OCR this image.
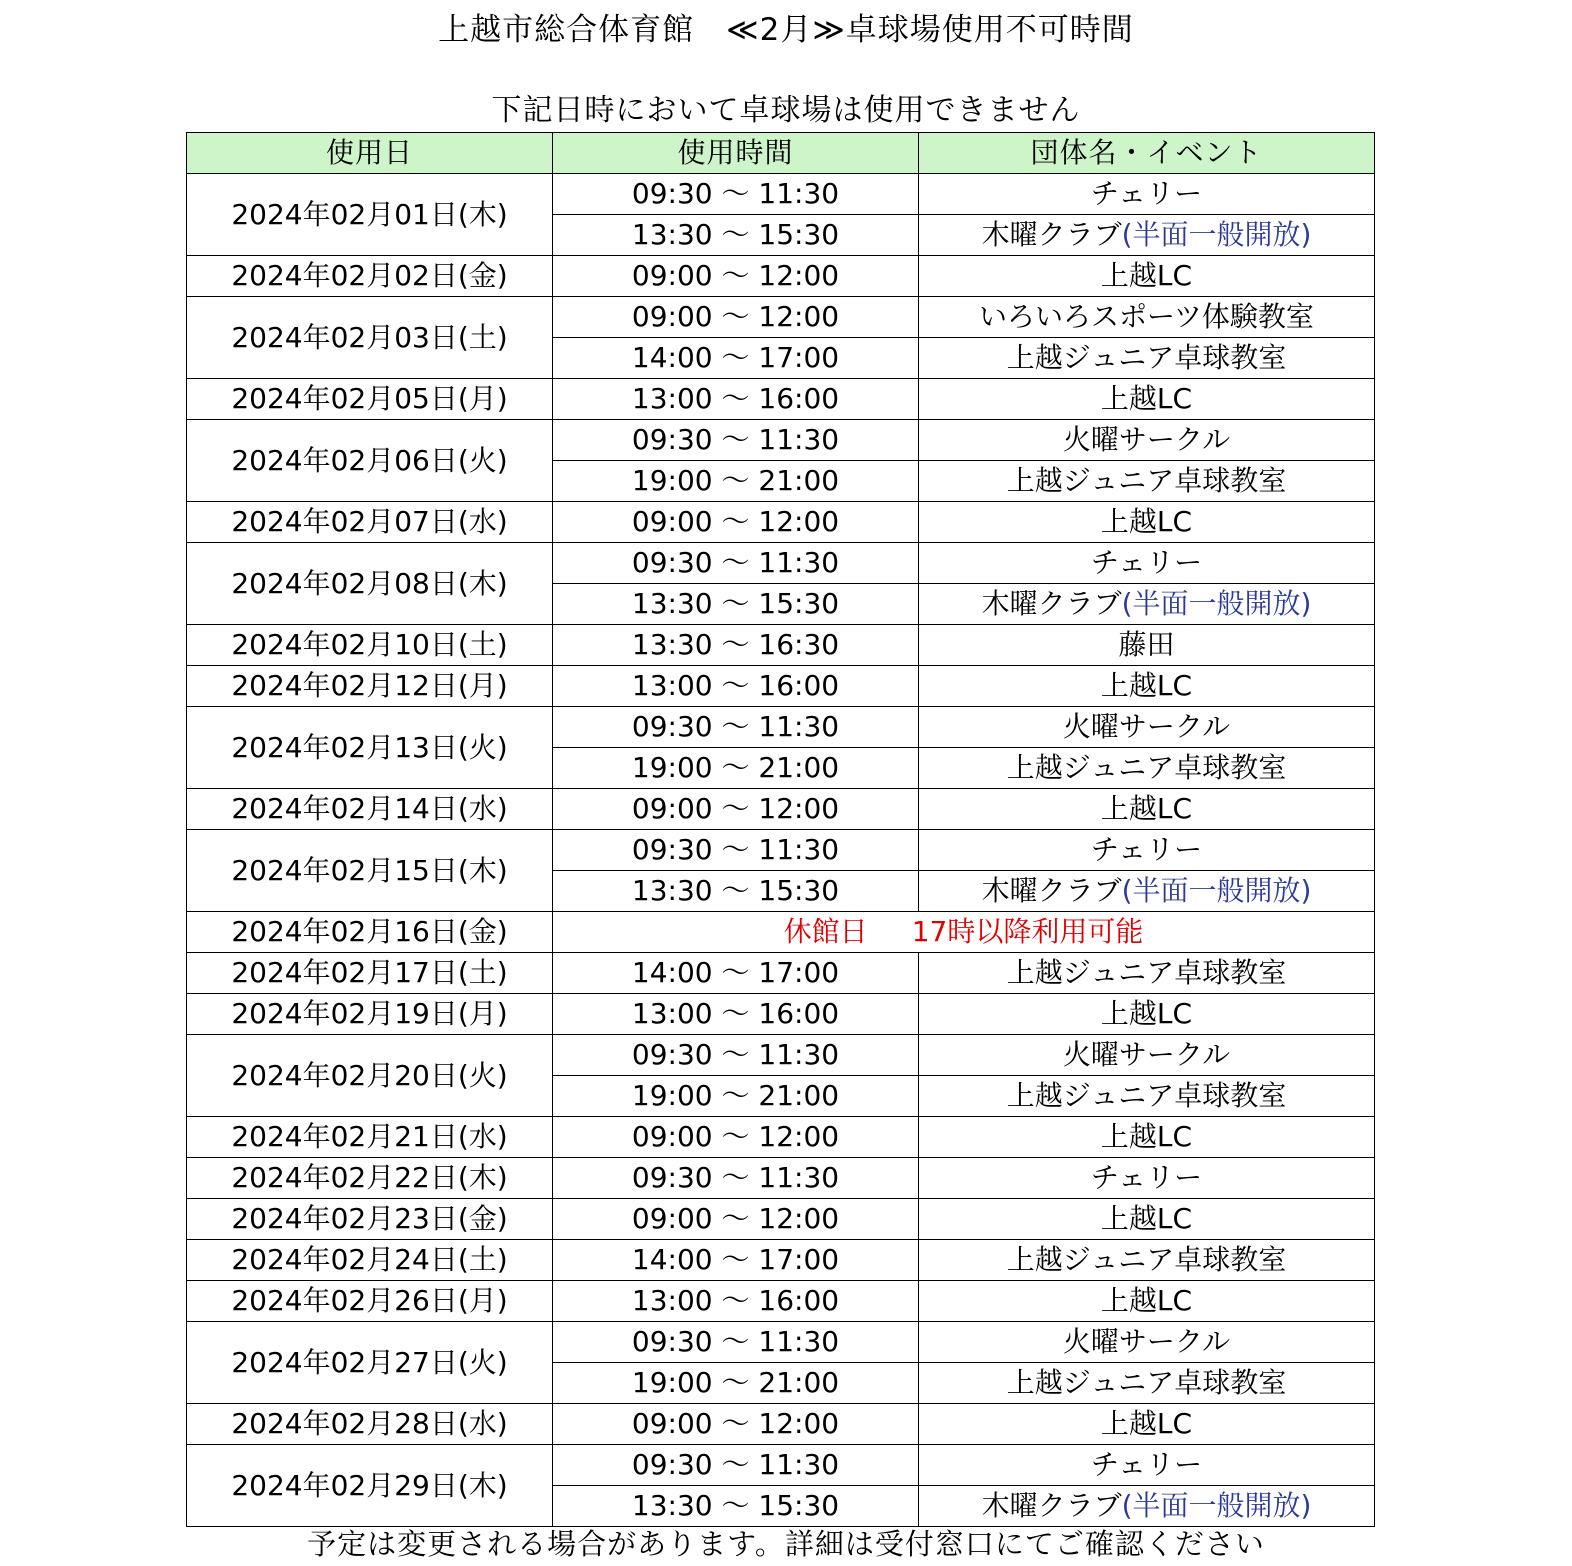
上越市総合体育館　≪2月≫卓球場使用不可時間
下記日時において卓球場は使用できません
使用日	使用時間	団体名・イベント
2024年02月01日(木)	09:30 ～ 11:30	チェリー
	13:30 ～ 15:30	木曜クラブ(半面一般開放)
2024年02月02日(金)	09:00 ～ 12:00	上越LC
2024年02月03日(土)	09:00 ～ 12:00	いろいろスポーツ体験教室
	14:00 ～ 17:00	上越ジュニア卓球教室
2024年02月05日(月)	13:00 ～ 16:00	上越LC
2024年02月06日(火)	09:30 ～ 11:30	火曜サークル
	19:00 ～ 21:00	上越ジュニア卓球教室
2024年02月07日(水)	09:00 ～ 12:00	上越LC
2024年02月08日(木)	09:30 ～ 11:30	チェリー
	13:30 ～ 15:30	木曜クラブ(半面一般開放)
2024年02月10日(土)	13:30 ～ 16:30	藤田
2024年02月12日(月)	13:00 ～ 16:00	上越LC
2024年02月13日(火)	09:30 ～ 11:30	火曜サークル
	19:00 ～ 21:00	上越ジュニア卓球教室
2024年02月14日(水)	09:00 ～ 12:00	上越LC
2024年02月15日(木)	09:30 ～ 11:30	チェリー
	13:30 ～ 15:30	木曜クラブ(半面一般開放)
2024年02月16日(金)	休館日 17時以降利用可能	
2024年02月17日(土)	14:00 ～ 17:00	上越ジュニア卓球教室
2024年02月19日(月)	13:00 ～ 16:00	上越LC
2024年02月20日(火)	09:30 ～ 11:30	火曜サークル
	19:00 ～ 21:00	上越ジュニア卓球教室
2024年02月21日(水)	09:00 ～ 12:00	上越LC
2024年02月22日(木)	09:30 ～ 11:30	チェリー
2024年02月23日(金)	09:00 ～ 12:00	上越LC
2024年02月24日(土)	14:00 ～ 17:00	上越ジュニア卓球教室
2024年02月26日(月)	13:00 ～ 16:00	上越LC
2024年02月27日(火)	09:30 ～ 11:30	火曜サークル
	19:00 ～ 21:00	上越ジュニア卓球教室
2024年02月28日(水)	09:00 ～ 12:00	上越LC
2024年02月29日(木)	09:30 ～ 11:30	チェリー
	13:30 ～ 15:30	木曜クラブ(半面一般開放)
予定は変更される場合があります。詳細は受付窓口にてご確認ください
